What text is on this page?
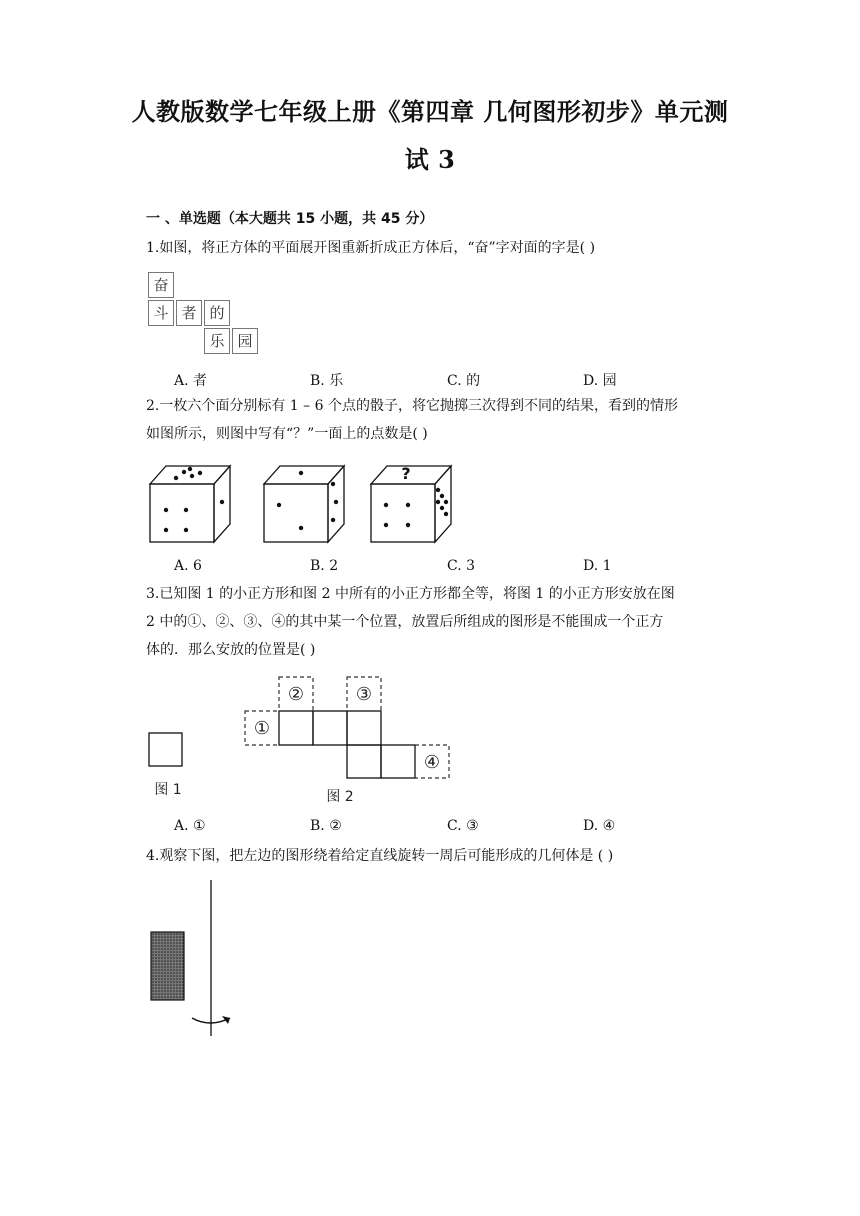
人教版数学七年级上册《第四章 几何图形初步》单元测
试 3
一 、单选题（本大题共 15 小题，共 45 分）
1.如图，将正方体的平面展开图重新折成正方体后，“奋”字对面的字是( )
奋
斗 者 的
乐 园
A. 者	B. 乐	C. 的	D. 园
2.一枚六个面分别标有 1 – 6 个点的骰子，将它抛掷三次得到不同的结果，看到的情形
如图所示，则图中写有“？”一面上的点数是( )
?
A. 6	B. 2	C. 3	D. 1
3.已知图 1 的小正方形和图 2 中所有的小正方形都全等，将图 1 的小正方形安放在图
2 中的①、②、③、④的其中某一个位置，放置后所组成的图形是不能围成一个正方
体的．那么安放的位置是( )
图 1
①
②	③
④
图 2
A. ①	B. ②	C. ③	D. ④
4.观察下图，把左边的图形绕着给定直线旋转一周后可能形成的几何体是 ( )
